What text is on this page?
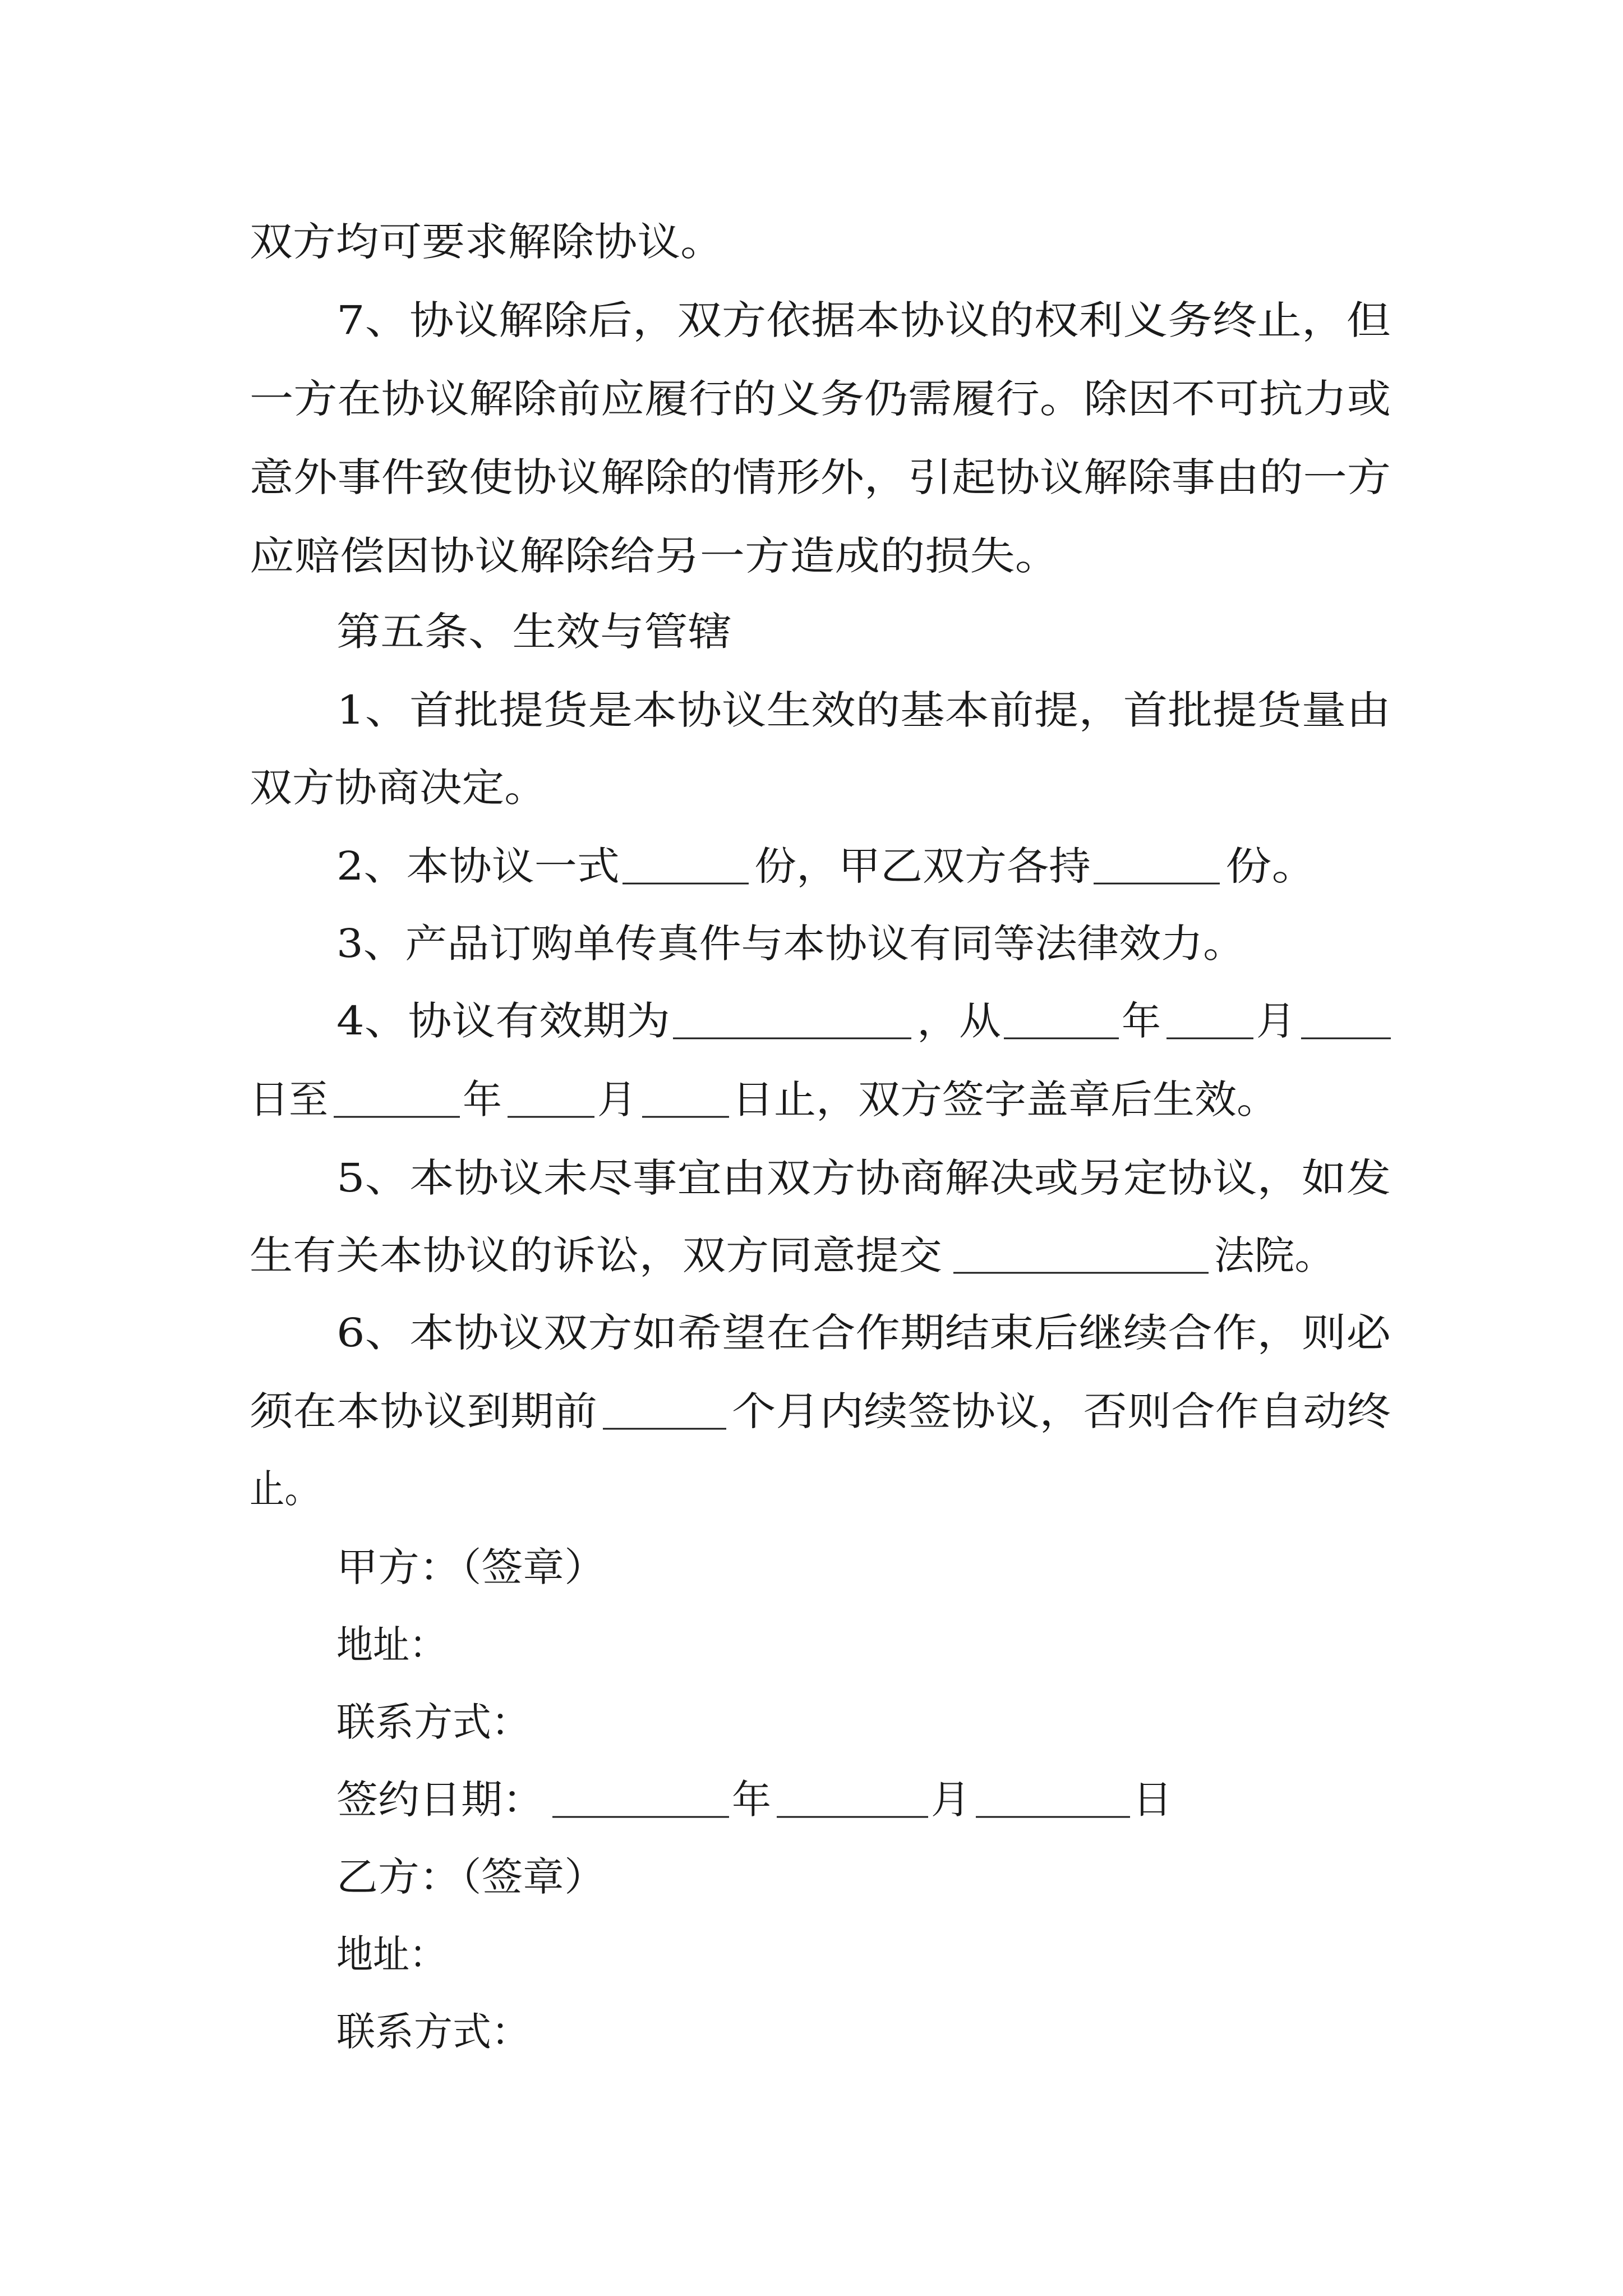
双方均可要求解除协议。
7、协议解除后，双方依据本协议的权利义务终止，但
一方在协议解除前应履行的义务仍需履行。除因不可抗力或
意外事件致使协议解除的情形外，引起协议解除事由的一方
应赔偿因协议解除给另一方造成的损失。
第五条、生效与管辖
1、首批提货是本协议生效的基本前提，首批提货量由
双方协商决定。
2、本协议一式	份，甲乙双方各持	份。
3、产品订购单传真件与本协议有同等法律效力。
4、协议有效期为	，从	年 月
日至	年 月 日止，双方签字盖章后生效。
5、本协议未尽事宜由双方协商解决或另定协议，如发
生有关本协议的诉讼，双方同意提交	法院。
6、本协议双方如希望在合作期结束后继续合作，则必
须在本协议到期前	个月内续签协议，否则合作自动终
止。
甲方：（签章）
地址：
联系方式：
签约日期：	年	月	日
乙方：（签章）
地址：
联系方式：
